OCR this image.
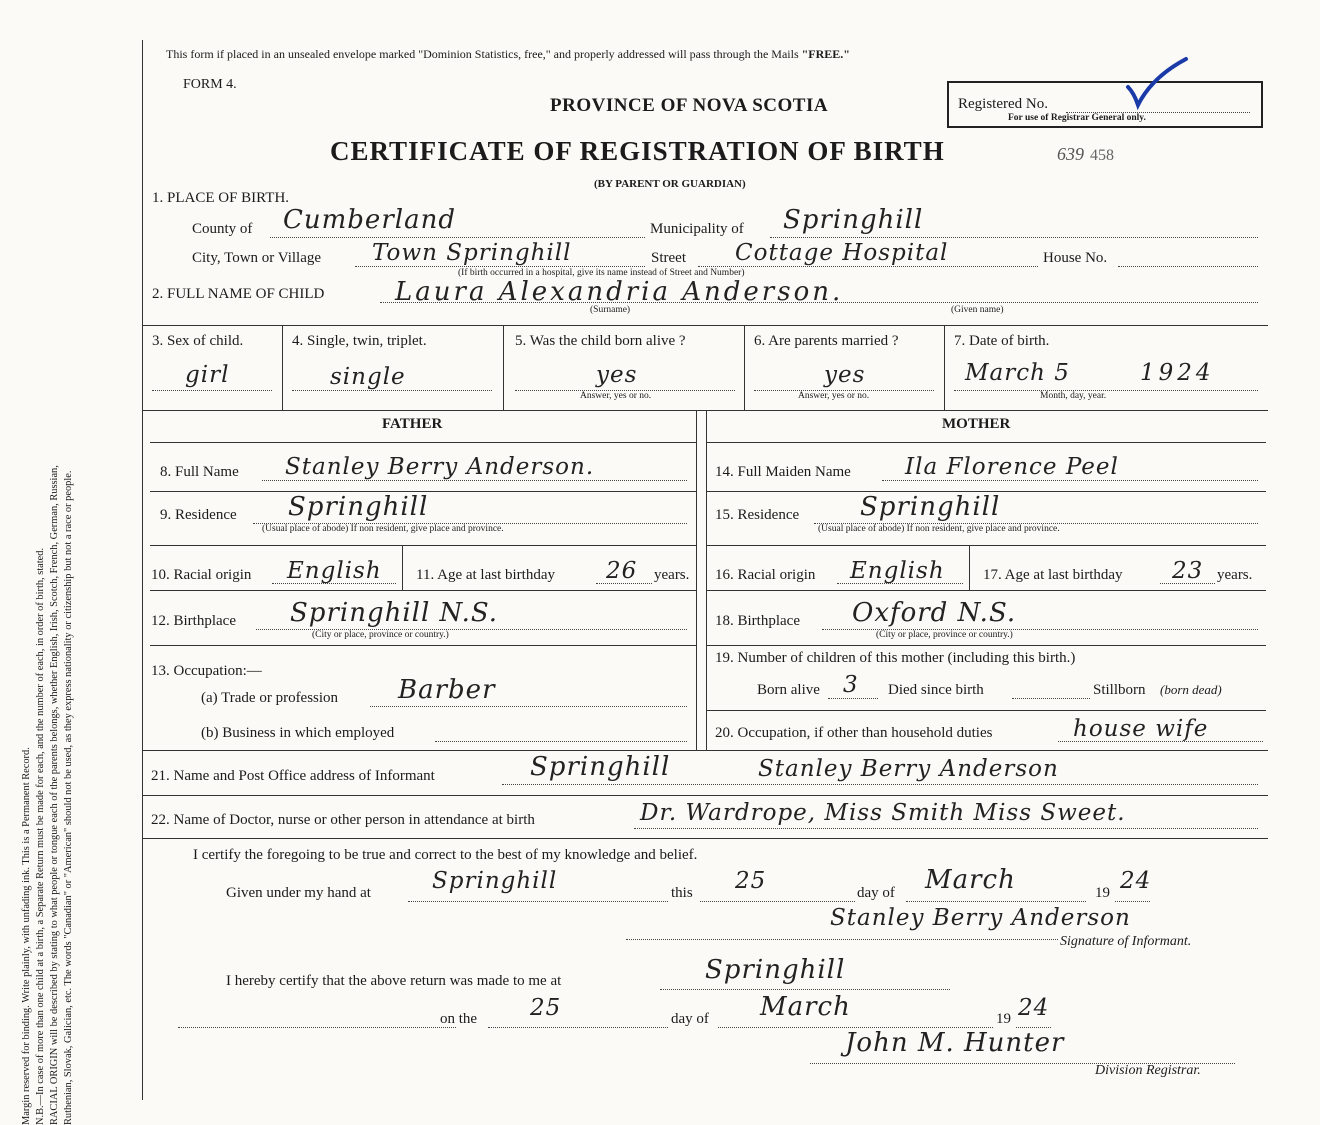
Margin reserved for binding. Write plainly, with unfading ink. This is a Permanent Record. N.B.—In case of more than one child at a birth, a Separate Return must be made for each, and the number of each, in order of birth, stated. RACIAL ORIGIN will be described by stating to what people or tongue each of the parents belongs, whether English, Irish, Scotch, French, German, Russian, Ruthenian, Slovak, Galician, etc. The words "Canadian" or "American" should not be used, as they express nationality or citizenship but not a race or people.
This form if placed in an unsealed envelope marked "Dominion Statistics, free," and properly addressed will pass through the Mails "FREE."
FORM 4.
PROVINCE OF NOVA SCOTIA
CERTIFICATE OF REGISTRATION OF BIRTH	639 458
(BY PARENT OR GUARDIAN)
Registered No.
For use of Registrar General only.
1. PLACE OF BIRTH.
County of Cumberland	Municipality of Springhill
City, Town or Village Town Springhill	Street Cottage Hospital	House No.
(If birth occurred in a hospital, give its name instead of Street and Number)
2. FULL NAME OF CHILD	Laura Alexandria Anderson.
(Surname)	(Given name)
3. Sex of child.
girl
4. Single, twin, triplet.
single
5. Was the child born alive ?
yes
Answer, yes or no.
6. Are parents married ?
yes
Answer, yes or no.
7. Date of birth.
March 5	1924
Month, day, year.
FATHER	MOTHER
8. Full Name Stanley Berry Anderson.
9. Residence Springhill
(Usual place of abode) If non resident, give place and province.
10. Racial origin English 11. Age at last birthday 26 years.
12. Birthplace Springhill N.S.
(City or place, province or country.)
13. Occupation:—
(a) Trade or profession Barber
(b) Business in which employed
14. Full Maiden Name Ila Florence Peel
15. Residence Springhill
(Usual place of abode) If non resident, give place and province.
16. Racial origin English	17. Age at last birthday 23 years.
18. Birthplace Oxford N.S.
(City or place, province or country.)
19. Number of children of this mother (including this birth.)
Born alive 3 Died since birth	Stillborn (born dead)
20. Occupation, if other than household duties	house wife
21. Name and Post Office address of Informant	Springhill	Stanley Berry Anderson
22. Name of Doctor, nurse or other person in attendance at birth	Dr. Wardrope, Miss Smith Miss Sweet.
I certify the foregoing to be true and correct to the best of my knowledge and belief.
Given under my hand at	Springhill	this 25	day of March	19 24
Stanley Berry Anderson
Signature of Informant.
I hereby certify that the above return was made to me at	Springhill
on the 25	day of March	19 24
John M. Hunter
Division Registrar.
